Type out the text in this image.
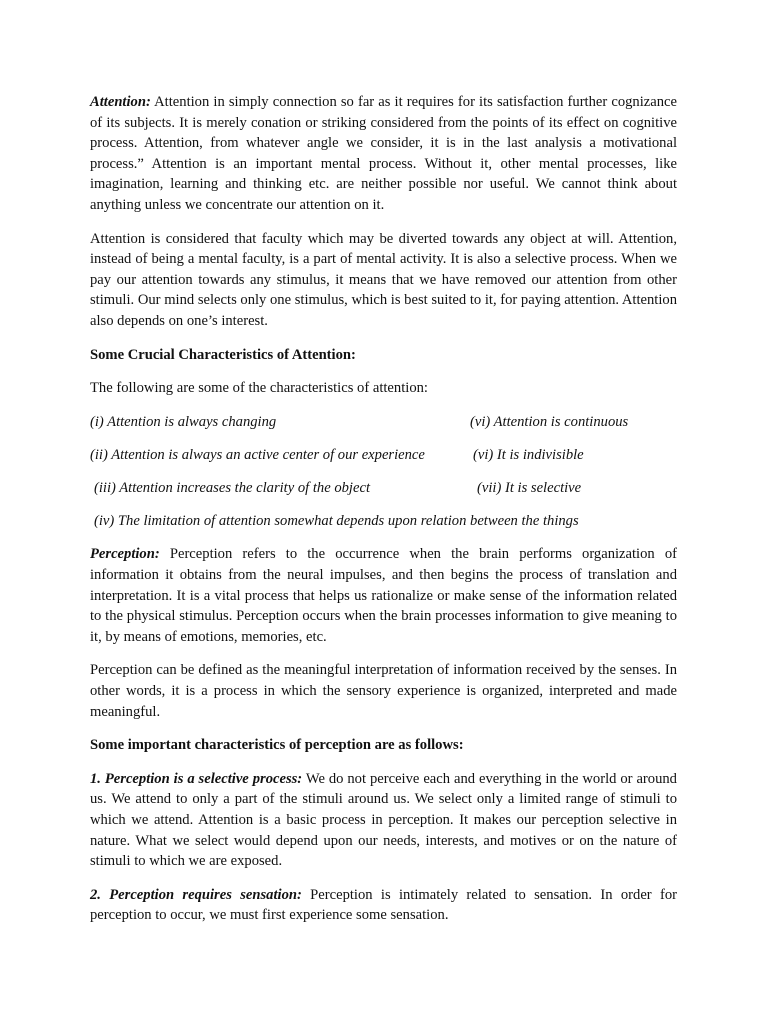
Attention: Attention in simply connection so far as it requires for its satisfaction further cognizance of its subjects. It is merely conation or striking considered from the points of its effect on cognitive process. Attention, from whatever angle we consider, it is in the last analysis a motivational process.” Attention is an important mental process. Without it, other mental processes, like imagination, learning and thinking etc. are neither possible nor useful. We cannot think about anything unless we concentrate our attention on it.

Attention is considered that faculty which may be diverted towards any object at will. Attention, instead of being a mental faculty, is a part of mental activity. It is also a selective process. When we pay our attention towards any stimulus, it means that we have removed our attention from other stimuli. Our mind selects only one stimulus, which is best suited to it, for paying attention. Attention also depends on one’s interest.

Some Crucial Characteristics of Attention:

The following are some of the characteristics of attention:

(i) Attention is always changing	(vi) Attention is continuous
(ii) Attention is always an active center of our experience	(vi) It is indivisible
(iii) Attention increases the clarity of the object	(vii) It is selective
(iv) The limitation of attention somewhat depends upon relation between the things

Perception: Perception refers to the occurrence when the brain performs organization of information it obtains from the neural impulses, and then begins the process of translation and interpretation. It is a vital process that helps us rationalize or make sense of the information related to the physical stimulus. Perception occurs when the brain processes information to give meaning to it, by means of emotions, memories, etc.

Perception can be defined as the meaningful interpretation of information received by the senses. In other words, it is a process in which the sensory experience is organized, interpreted and made meaningful.

Some important characteristics of perception are as follows:

1. Perception is a selective process: We do not perceive each and everything in the world or around us. We attend to only a part of the stimuli around us. We select only a limited range of stimuli to which we attend. Attention is a basic process in perception. It makes our perception selective in nature. What we select would depend upon our needs, interests, and motives or on the nature of stimuli to which we are exposed.

2. Perception requires sensation: Perception is intimately related to sensation. In order for perception to occur, we must first experience some sensation.
